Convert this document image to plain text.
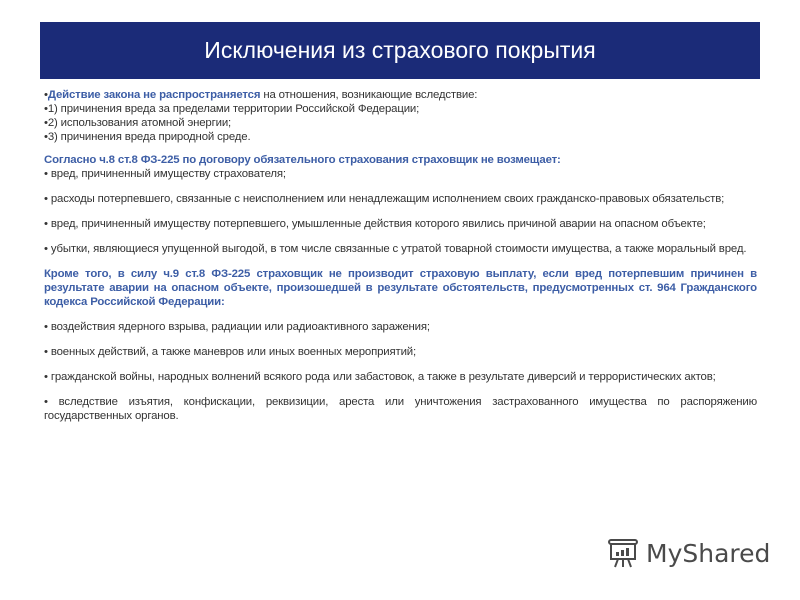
Исключения из страхового покрытия

•Действие закона не распространяется на отношения, возникающие вследствие:

•1) причинения вреда за пределами территории Российской Федерации;

•2) использования атомной энергии;

•3) причинения вреда природной среде.

Согласно ч.8 ст.8 ФЗ-225 по договору обязательного страхования страховщик не возмещает:

• вред, причиненный имуществу страхователя;

• расходы потерпевшего, связанные с неисполнением или ненадлежащим исполнением своих гражданско-правовых обязательств;

• вред, причиненный имуществу потерпевшего, умышленные действия которого явились причиной аварии на опасном объекте;

• убытки, являющиеся упущенной выгодой, в том числе связанные с утратой товарной стоимости имущества, а также моральный вред.

Кроме того, в силу ч.9 ст.8 ФЗ-225 страховщик не производит страховую выплату, если вред потерпевшим причинен в результате аварии на опасном объекте, произошедшей в результате обстоятельств, предусмотренных ст. 964 Гражданского кодекса Российской Федерации:

• воздействия ядерного взрыва, радиации или радиоактивного заражения;

• военных действий, а также маневров или иных военных мероприятий;

• гражданской войны, народных волнений всякого рода или забастовок, а также в результате диверсий и террористических актов;

• вследствие изъятия, конфискации, реквизиции, ареста или уничтожения застрахованного имущества по распоряжению государственных органов.

MyShared
